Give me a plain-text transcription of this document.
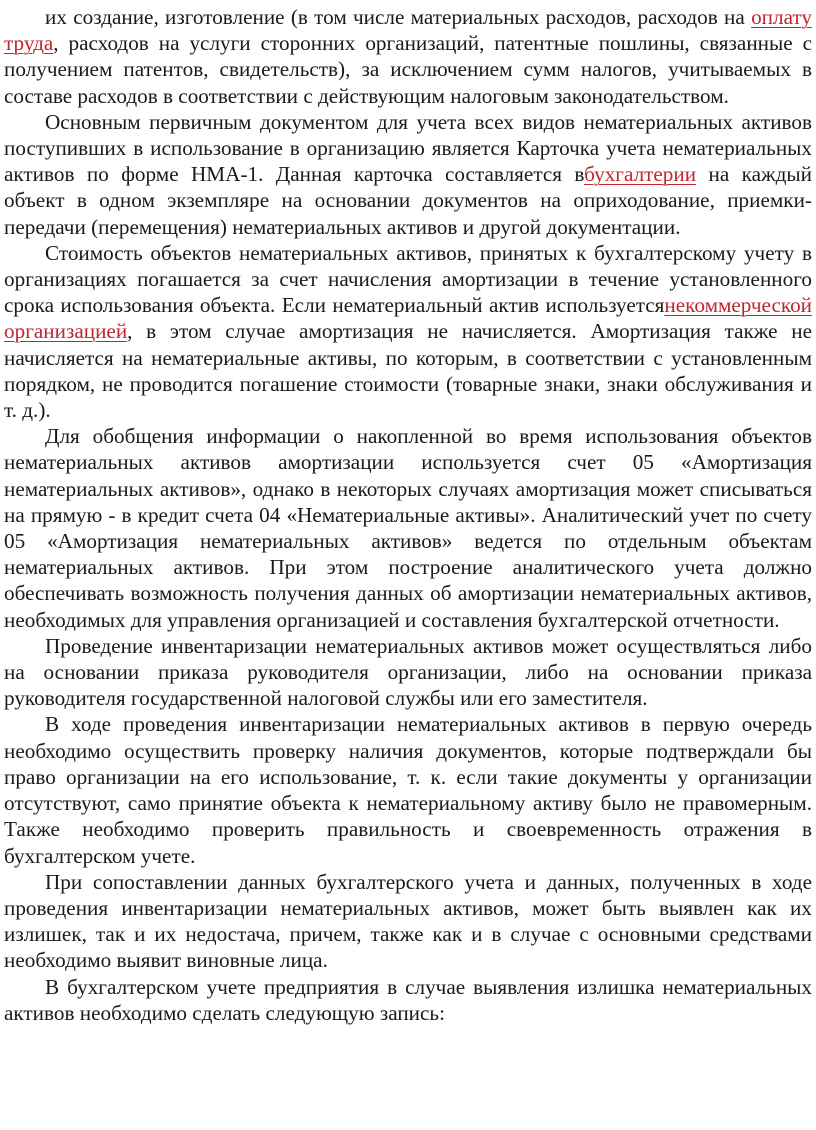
их создание, изготовление (в том числе материальных расходов, расходов на оплату труда, расходов на услуги сторонних организаций, патентные пошлины, связанные с получением патентов, свидетельств), за исключением сумм налогов, учитываемых в составе расходов в соответствии с действующим налоговым законодательством.

Основным первичным документом для учета всех видов нематериальных активов поступивших в использование в организацию является Карточка учета нематериальных активов по форме НМА-1. Данная карточка составляется вбухгалтерии на каждый объект в одном экземпляре на основании документов на оприходование, приемки-передачи (перемещения) нематериальных активов и другой документации.

Стоимость объектов нематериальных активов, принятых к бухгалтерскому учету в организациях погашается за счет начисления амортизации в течение установленного срока использования объекта. Если нематериальный актив используетсянекоммерческой организацией, в этом случае амортизация не начисляется. Амортизация также не начисляется на нематериальные активы, по которым, в соответствии с установленным порядком, не проводится погашение стоимости (товарные знаки, знаки обслуживания и т. д.).

Для обобщения информации о накопленной во время использования объектов нематериальных активов амортизации используется счет 05 «Амортизация нематериальных активов», однако в некоторых случаях амортизация может списываться на прямую - в кредит счета 04 «Нематериальные активы». Аналитический учет по счету 05 «Амортизация нематериальных активов» ведется по отдельным объектам нематериальных активов. При этом построение аналитического учета должно обеспечивать возможность получения данных об амортизации нематериальных активов, необходимых для управления организацией и составления бухгалтерской отчетности.

Проведение инвентаризации нематериальных активов может осуществляться либо на основании приказа руководителя организации, либо на основании приказа руководителя государственной налоговой службы или его заместителя.

В ходе проведения инвентаризации нематериальных активов в первую очередь необходимо осуществить проверку наличия документов, которые подтверждали бы право организации на его использование, т. к. если такие документы у организации отсутствуют, само принятие объекта к нематериальному активу было не правомерным. Также необходимо проверить правильность и своевременность отражения в бухгалтерском учете.

При сопоставлении данных бухгалтерского учета и данных, полученных в ходе проведения инвентаризации нематериальных активов, может быть выявлен как их излишек, так и их недостача, причем, также как и в случае с основными средствами необходимо выявит виновные лица.

В бухгалтерском учете предприятия в случае выявления излишка нематериальных активов необходимо сделать следующую запись:
